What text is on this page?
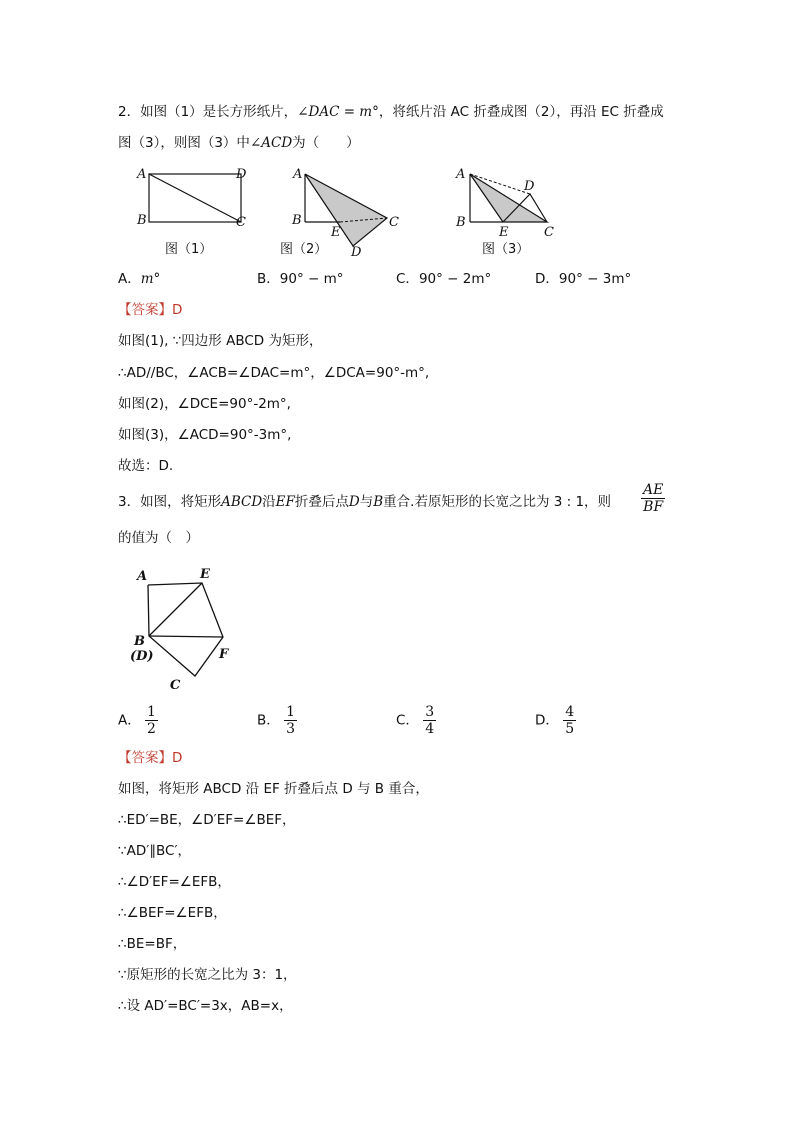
2．如图（1）是长方形纸片，∠DAC = m°，将纸片沿 AC 折叠成图（2），再沿 EC 折叠成
图（3），则图（3）中∠ACD为（　　）
A	D
B	C
A
B
E
C
D
A
D
B
E	C
图（1）	图（2）	图（3）
A．m°	B．90° − m°	C．90° − 2m°	D．90° − 3m°
【答案】D
如图(1), ∵四边形 ABCD 为矩形，
∴AD//BC，∠ACB=∠DAC=m°，∠DCA=90°-m°,
如图(2)，∠DCE=90°-2m°,
如图(3)，∠ACD=90°-3m°,
故选：D.
3．如图，将矩形ABCD沿EF折叠后点D与B重合.若原矩形的长宽之比为 3 : 1，则 $\frac{AE}{BF}$
的值为（　）
A	E
B
(D)	F
C
A． $\frac{1}{2}$	B． $\frac{1}{3}$	C． $\frac{3}{4}$	D． $\frac{4}{5}$
【答案】D
如图，将矩形 ABCD 沿 EF 折叠后点 D 与 B 重合，
∴ED′=BE，∠D′EF=∠BEF，
∵AD′∥BC′，
∴∠D′EF=∠EFB，
∴∠BEF=∠EFB，
∴BE=BF，
∵原矩形的长宽之比为 3：1，
∴设 AD′=BC′=3x，AB=x，
